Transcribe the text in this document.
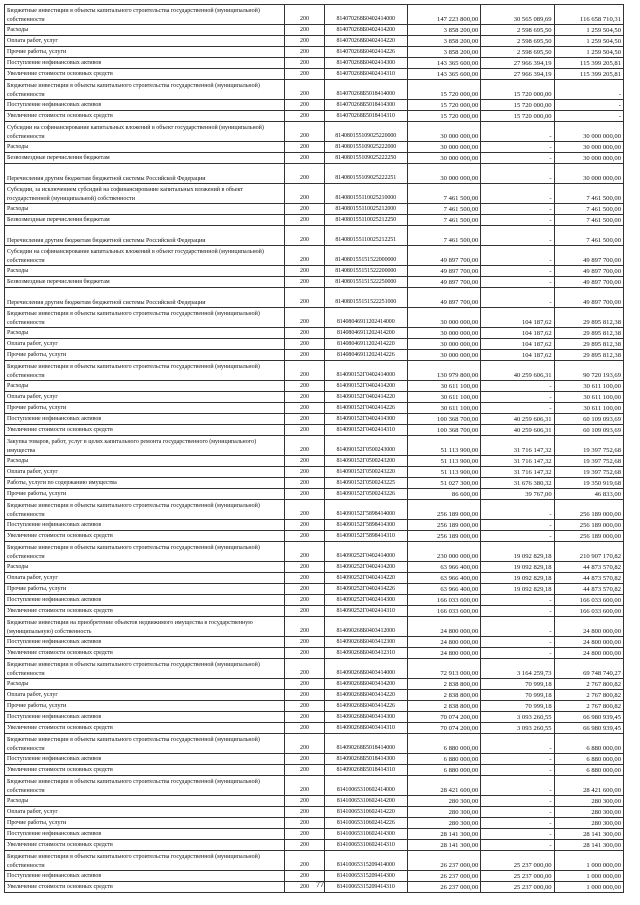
Бюджетные инвестиции в объекты капитального строительства государственной (муниципальной) собственности	200	814070268Б0402414000	147 223 800,00	30 565 089,69	116 658 710,31
Расходы	200	814070268Б0402414200	3 858 200,00	2 598 695,50	1 259 504,50
Оплата работ, услуг	200	814070268Б0402414220	3 858 200,00	2 598 695,50	1 259 504,50
Прочие работы, услуги	200	814070268Б0402414226	3 858 200,00	2 598 695,50	1 259 504,50
Поступление нефинансовых активов	200	814070268Б0402414300	143 365 600,00	27 966 394,19	115 399 205,81
Увеличение стоимости основных средств	200	814070268Б0402414310	143 365 600,00	27 966 394,19	115 399 205,81
Бюджетные инвестиции в объекты капитального строительства государственной (муниципальной) собственности	200	814070268Б5018414000	15 720 000,00	15 720 000,00	-
Поступление нефинансовых активов	200	814070268Б5018414300	15 720 000,00	15 720 000,00	-
Увеличение стоимости основных средств	200	814070268Б5018414310	15 720 000,00	15 720 000,00	-
Субсидии на софинансирование капитальных вложений в объект государственной (муниципальной) собственности	200	814080155109025220000	30 000 000,00	-	30 000 000,00
Расходы	200	814080155109025222000	30 000 000,00	-	30 000 000,00
Безвозмездные перечисления бюджетам	200	814080155109025222250	30 000 000,00	-	30 000 000,00
Перечисления другим бюджетам бюджетной системы Российской Федерации	200	814080155109025222251	30 000 000,00	-	30 000 000,00
Субсидии, за исключением субсидий на софинансирование капитальных вложений в объект государственной (муниципальной) собственности	200	814080155110025210000	7 461 500,00	-	7 461 500,00
Расходы	200	814080155110025212000	7 461 500,00	-	7 461 500,00
Безвозмездные перечисления бюджетам	200	814080155110025212250	7 461 500,00	-	7 461 500,00
Перечисления другим бюджетам бюджетной системы Российской Федерации	200	814080155110025212251	7 461 500,00	-	7 461 500,00
Субсидии на софинансирование капитальных вложений в объект государственной (муниципальной) собственности	200	814080155151522000000	49 897 700,00	-	49 897 700,00
Расходы	200	814080155151522200000	49 897 700,00	-	49 897 700,00
Безвозмездные перечисления бюджетам	200	814080155151522250000	49 897 700,00	-	49 897 700,00
Перечисления другим бюджетам бюджетной системы Российской Федерации	200	814080155151522251000	49 897 700,00	-	49 897 700,00
Бюджетные инвестиции в объекты капитального строительства государственной (муниципальной) собственности	200	81408046911202414000	30 000 000,00	104 187,62	29 895 812,38
Расходы	200	81408046911202414200	30 000 000,00	104 187,62	29 895 812,38
Оплата работ, услуг	200	81408046911202414220	30 000 000,00	104 187,62	29 895 812,38
Прочие работы, услуги	200	81408046911202414226	30 000 000,00	104 187,62	29 895 812,38
Бюджетные инвестиции в объекты капитального строительства государственной (муниципальной) собственности	200	814090152Г0402414000	130 979 800,00	40 259 606,31	90 720 193,69
Расходы	200	814090152Г0402414200	30 611 100,00	-	30 611 100,00
Оплата работ, услуг	200	814090152Г0402414220	30 611 100,00	-	30 611 100,00
Прочие работы, услуги	200	814090152Г0402414226	30 611 100,00	-	30 611 100,00
Поступление нефинансовых активов	200	814090152Г0402414300	100 368 700,00	40 259 606,31	60 109 093,69
Увеличение стоимости основных средств	200	814090152Г0402414310	100 368 700,00	40 259 606,31	60 109 093,69
Закупка товаров, работ, услуг в целях капитального ремонта государственного (муниципального) имущества	200	814090152Г0500243000	51 113 900,00	31 716 147,32	19 397 752,68
Расходы	200	814090152Г0500243200	51 113 900,00	31 716 147,32	19 397 752,68
Оплата работ, услуг	200	814090152Г0500243220	51 113 900,00	31 716 147,32	19 397 752,68
Работы, услуги по содержанию имущества	200	814090152Г0500243225	51 027 300,00	31 676 380,32	19 350 919,68
Прочие работы, услуги	200	814090152Г0500243226	86 600,00	39 767,00	46 833,00
Бюджетные инвестиции в объекты капитального строительства государственной (муниципальной) собственности	200	814090152Г5898414000	256 189 000,00	-	256 189 000,00
Поступление нефинансовых активов	200	814090152Г5898414300	256 189 000,00	-	256 189 000,00
Увеличение стоимости основных средств	200	814090152Г5898414310	256 189 000,00	-	256 189 000,00
Бюджетные инвестиции в объекты капитального строительства государственной (муниципальной) собственности	200	814090252Г0402414000	230 000 000,00	19 092 829,18	210 907 170,82
Расходы	200	814090252Г0402414200	63 966 400,00	19 092 829,18	44 873 570,82
Оплата работ, услуг	200	814090252Г0402414220	63 966 400,00	19 092 829,18	44 873 570,82
Прочие работы, услуги	200	814090252Г0402414226	63 966 400,00	19 092 829,18	44 873 570,82
Поступление нефинансовых активов	200	814090252Г0402414300	166 033 600,00	-	166 033 600,00
Увеличение стоимости основных средств	200	814090252Г0402414310	166 033 600,00	-	166 033 600,00
Бюджетные инвестиции на приобретение объектов недвижимого имущества в государственную (муниципальную) собственность	200	814090268Б0403412000	24 800 000,00	-	24 800 000,00
Поступление нефинансовых активов	200	814090268Б0403412300	24 800 000,00	-	24 800 000,00
Увеличение стоимости основных средств	200	814090268Б0403412310	24 800 000,00	-	24 800 000,00
Бюджетные инвестиции в объекты капитального строительства государственной (муниципальной) собственности	200	814090268Б0403414000	72 913 000,00	3 164 259,73	69 748 740,27
Расходы	200	814090268Б0403414200	2 838 800,00	70 999,18	2 767 800,82
Оплата работ, услуг	200	814090268Б0403414220	2 838 800,00	70 999,18	2 767 800,82
Прочие работы, услуги	200	814090268Б0403414226	2 838 800,00	70 999,18	2 767 800,82
Поступление нефинансовых активов	200	814090268Б0403414300	70 074 200,00	3 093 260,55	66 980 939,45
Увеличение стоимости основных средств	200	814090268Б0403414310	70 074 200,00	3 093 260,55	66 980 939,45
Бюджетные инвестиции в объекты капитального строительства государственной (муниципальной) собственности	200	814090268Б5018414000	6 880 000,00	-	6 880 000,00
Поступление нефинансовых активов	200	814090268Б5018414300	6 880 000,00	-	6 880 000,00
Увеличение стоимости основных средств	200	814090268Б5018414310	6 880 000,00	-	6 880 000,00
Бюджетные инвестиции в объекты капитального строительства государственной (муниципальной) собственности	200	81410065310602414000	28 421 600,00	-	28 421 600,00
Расходы	200	81410065310602414200	280 300,00	-	280 300,00
Оплата работ, услуг	200	81410065310602414220	280 300,00	-	280 300,00
Прочие работы, услуги	200	81410065310602414226	280 300,00	-	280 300,00
Поступление нефинансовых активов	200	81410065310602414300	28 141 300,00	-	28 141 300,00
Увеличение стоимости основных средств	200	81410065310602414310	28 141 300,00	-	28 141 300,00
Бюджетные инвестиции в объекты капитального строительства государственной (муниципальной) собственности	200	81410065315209414000	26 237 000,00	25 237 000,00	1 000 000,00
Поступление нефинансовых активов	200	81410065315209414300	26 237 000,00	25 237 000,00	1 000 000,00
Увеличение стоимости основных средств	200	81410065315209414310	26 237 000,00	25 237 000,00	1 000 000,00
77
